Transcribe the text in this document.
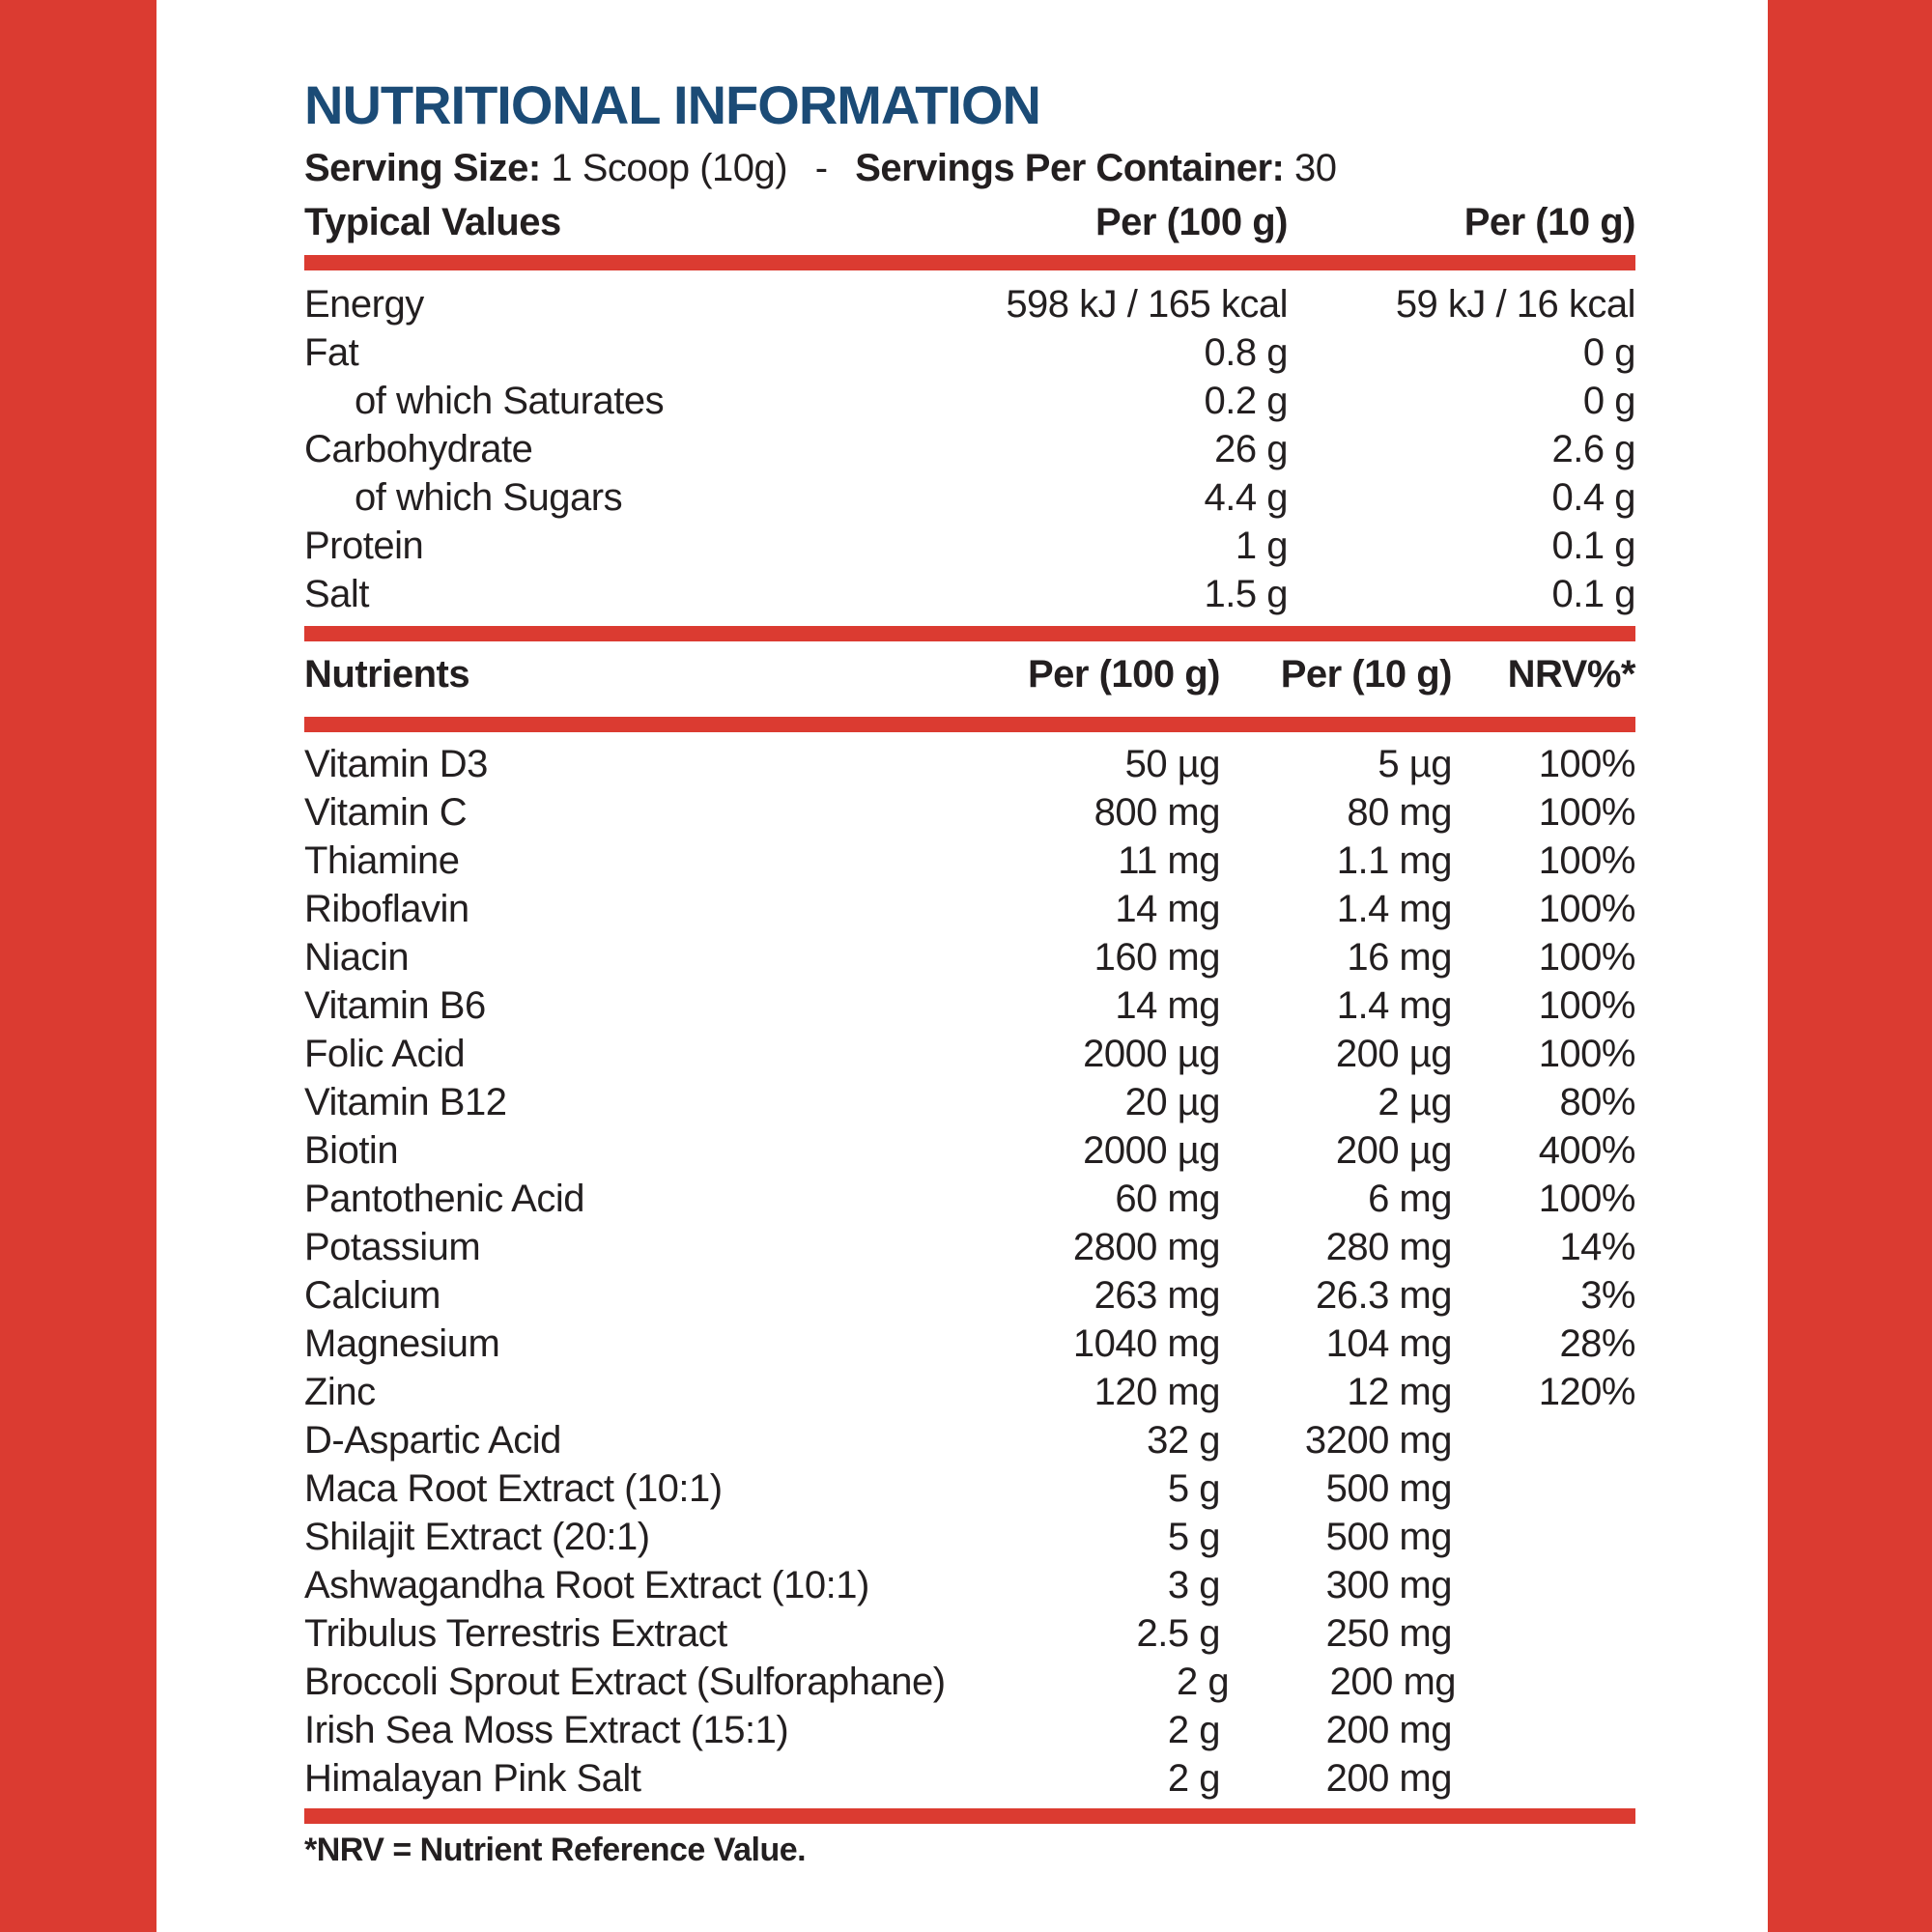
NUTRITIONAL INFORMATION
Serving Size: 1 Scoop (10g) - Servings Per Container: 30
Typical Values	Per (100 g)	Per (10 g)
Energy	598 kJ / 165 kcal	59 kJ / 16 kcal
Fat	0.8 g	0 g
of which Saturates	0.2 g	0 g
Carbohydrate	26 g	2.6 g
of which Sugars	4.4 g	0.4 g
Protein	1 g	0.1 g
Salt	1.5 g	0.1 g
Nutrients	Per (100 g)	Per (10 g)	NRV%*
Vitamin D3	50 µg	5 µg	100%
Vitamin C	800 mg	80 mg	100%
Thiamine	11 mg	1.1 mg	100%
Riboflavin	14 mg	1.4 mg	100%
Niacin	160 mg	16 mg	100%
Vitamin B6	14 mg	1.4 mg	100%
Folic Acid	2000 µg	200 µg	100%
Vitamin B12	20 µg	2 µg	80%
Biotin	2000 µg	200 µg	400%
Pantothenic Acid	60 mg	6 mg	100%
Potassium	2800 mg	280 mg	14%
Calcium	263 mg	26.3 mg	3%
Magnesium	1040 mg	104 mg	28%
Zinc	120 mg	12 mg	120%
D-Aspartic Acid	32 g	3200 mg
Maca Root Extract (10:1)	5 g	500 mg
Shilajit Extract (20:1)	5 g	500 mg
Ashwagandha Root Extract (10:1)	3 g	300 mg
Tribulus Terrestris Extract	2.5 g	250 mg
Broccoli Sprout Extract (Sulforaphane)	2 g	200 mg
Irish Sea Moss Extract (15:1)	2 g	200 mg
Himalayan Pink Salt	2 g	200 mg
*NRV = Nutrient Reference Value.
